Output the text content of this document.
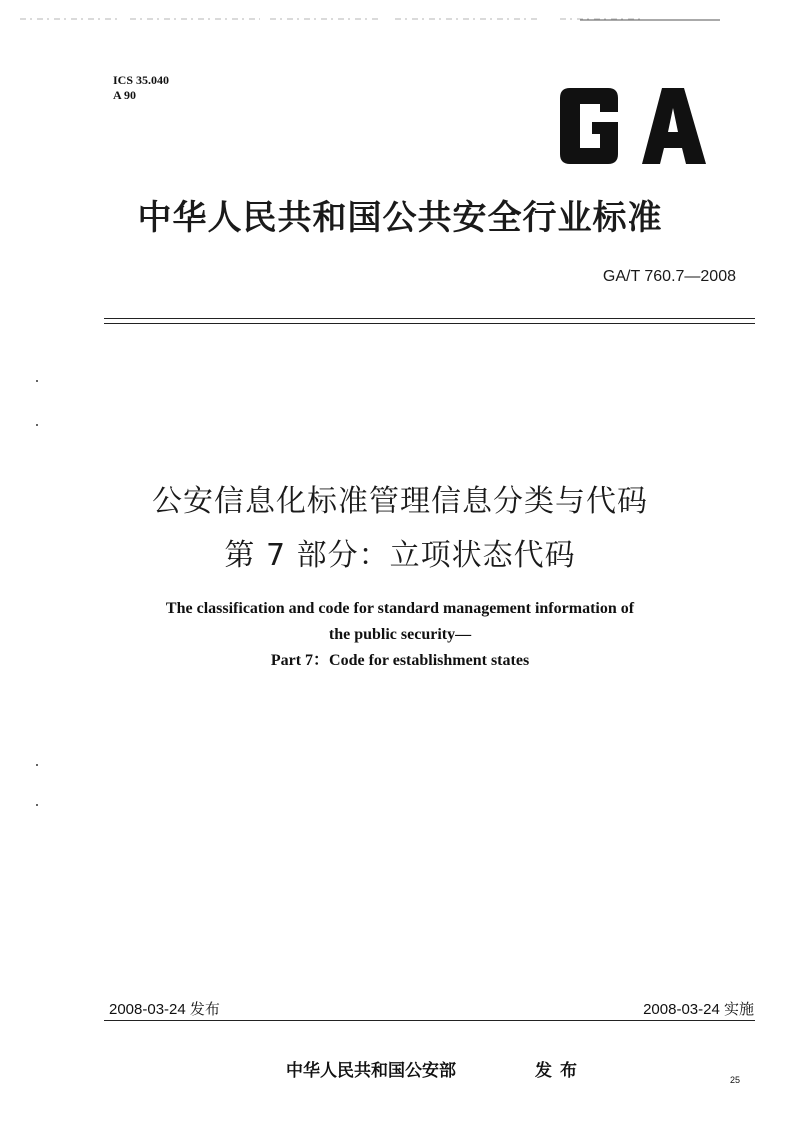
ICS 35.040
A 90
中华人民共和国公共安全行业标准
GA/T 760.7—2008
公安信息化标准管理信息分类与代码
第 7 部分：立项状态代码
The classification and code for standard management information of
the public security—
Part 7：Code for establishment states
2008-03-24 发布	2008-03-24 实施
中华人民共和国公安部	发布	25
